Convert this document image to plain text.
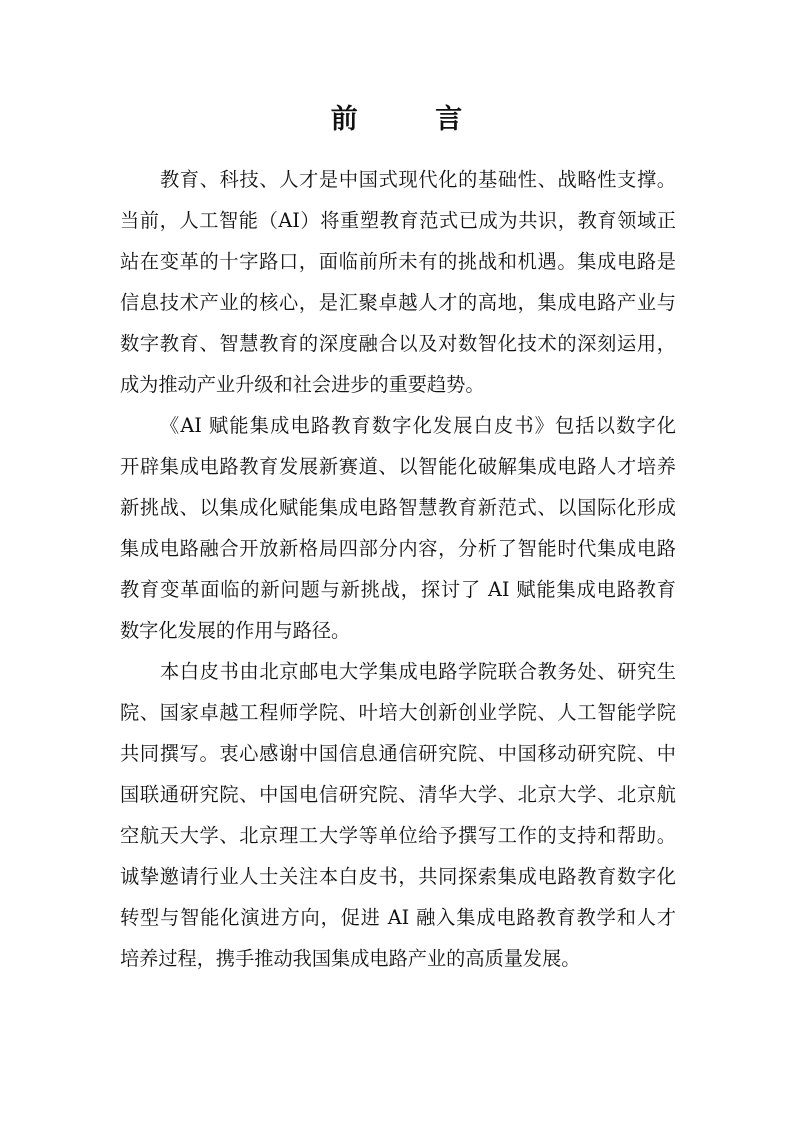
前 言
教育、科技、人才是中国式现代化的基础性、战略性支撑。
当前，人工智能（AI）将重塑教育范式已成为共识，教育领域正
站在变革的十字路口，面临前所未有的挑战和机遇。集成电路是
信息技术产业的核心，是汇聚卓越人才的高地，集成电路产业与
数字教育、智慧教育的深度融合以及对数智化技术的深刻运用，
成为推动产业升级和社会进步的重要趋势。
《AI 赋能集成电路教育数字化发展白皮书》包括以数字化
开辟集成电路教育发展新赛道、以智能化破解集成电路人才培养
新挑战、以集成化赋能集成电路智慧教育新范式、以国际化形成
集成电路融合开放新格局四部分内容，分析了智能时代集成电路
教育变革面临的新问题与新挑战，探讨了 AI 赋能集成电路教育
数字化发展的作用与路径。
本白皮书由北京邮电大学集成电路学院联合教务处、研究生
院、国家卓越工程师学院、叶培大创新创业学院、人工智能学院
共同撰写。衷心感谢中国信息通信研究院、中国移动研究院、中
国联通研究院、中国电信研究院、清华大学、北京大学、北京航
空航天大学、北京理工大学等单位给予撰写工作的支持和帮助。
诚挚邀请行业人士关注本白皮书，共同探索集成电路教育数字化
转型与智能化演进方向，促进 AI 融入集成电路教育教学和人才
培养过程，携手推动我国集成电路产业的高质量发展。
